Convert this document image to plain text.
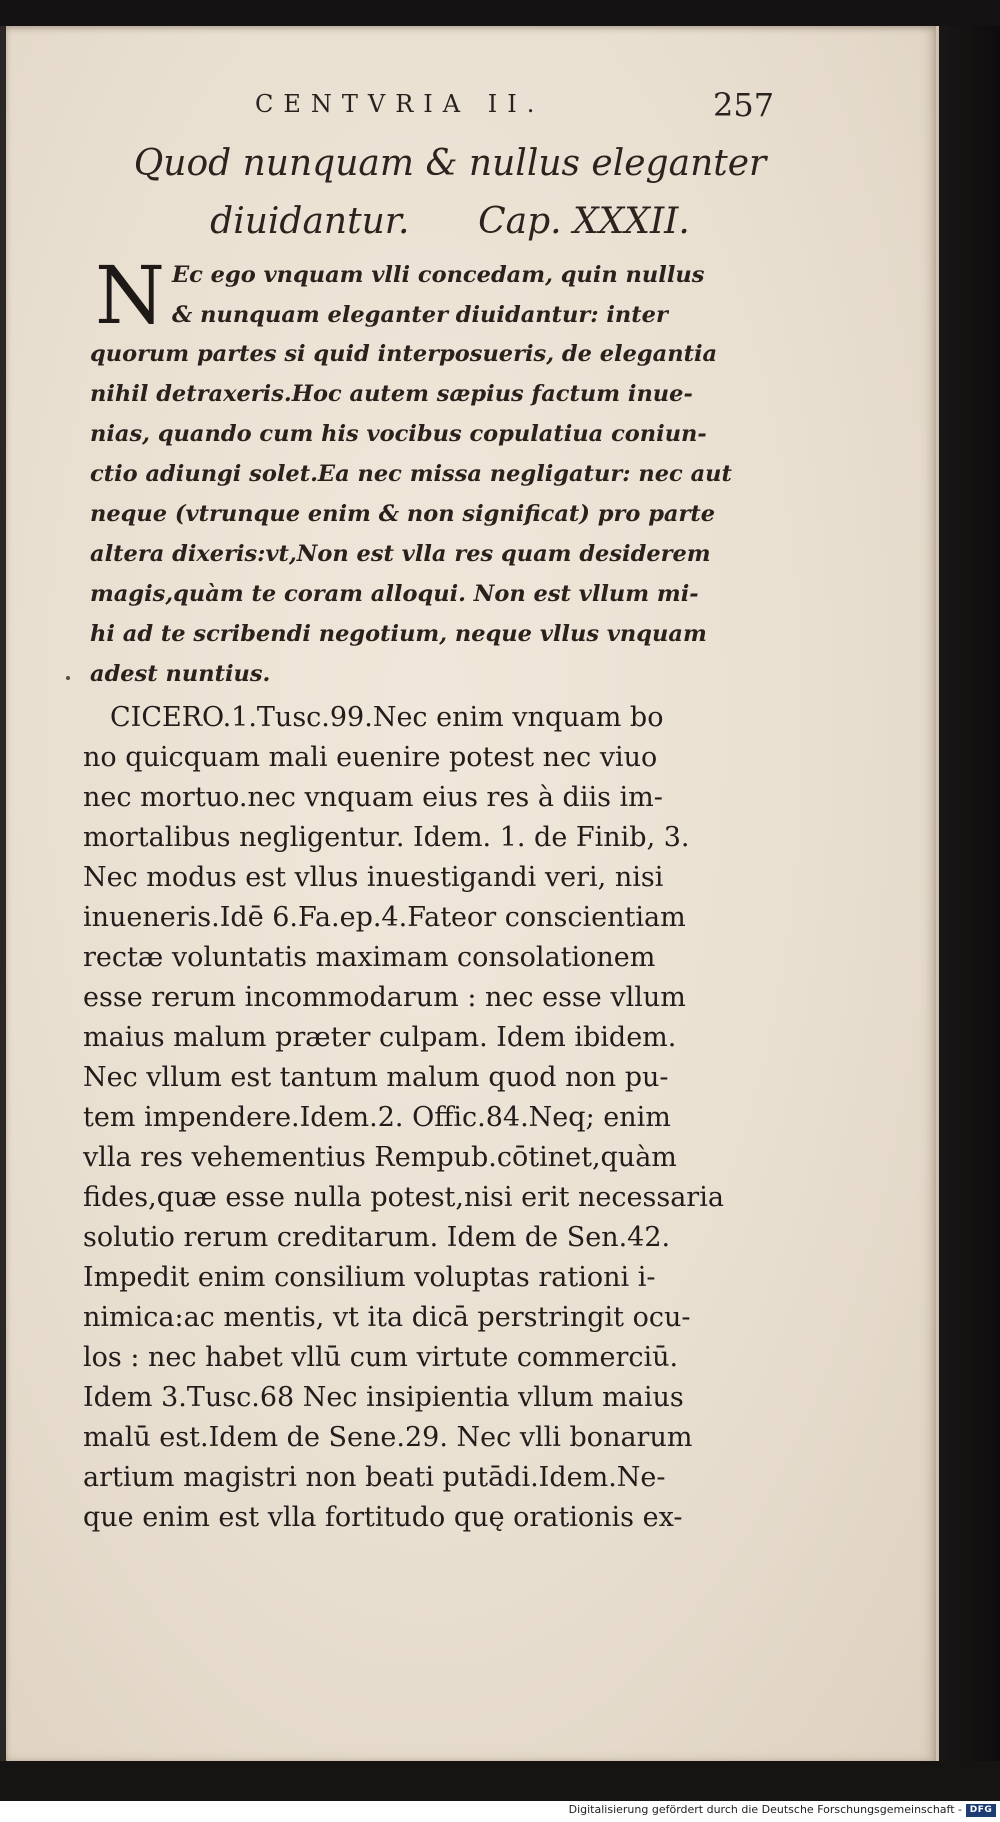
CENTVRIA II.	257
Quod nunquam & nullus eleganter
diuidantur.      Cap. XXXII.
N Ec ego vnquam vlli concedam, quin nullus
& nunquam eleganter diuidantur: inter
quorum partes si quid interposueris, de elegantia
nihil detraxeris.Hoc autem sæpius factum inue-
nias, quando cum his vocibus copulatiua coniun-
ctio adiungi solet.Ea nec missa negligatur: nec aut
neque (vtrunque enim & non significat) pro parte
altera dixeris:vt,Non est vlla res quam desiderem
magis,quàm te coram alloqui. Non est vllum mi-
hi ad te scribendi negotium, neque vllus vnquam
adest nuntius.
CICERO.1.Tusc.99.Nec enim vnquam bo
no quicquam mali euenire potest nec viuo
nec mortuo.nec vnquam eius res à diis im-
mortalibus negligentur. Idem. 1. de Finib, 3.
Nec modus est vllus inuestigandi veri, nisi
inueneris.Idē 6.Fa.ep.4.Fateor conscientiam
rectæ voluntatis maximam consolationem
esse rerum incommodarum : nec esse vllum
maius malum præter culpam. Idem ibidem.
Nec vllum est tantum malum quod non pu-
tem impendere.Idem.2. Offic.84.Neq; enim
vlla res vehementius Rempub.cōtinet,quàm
fides,quæ esse nulla potest,nisi erit necessaria
solutio rerum creditarum. Idem de Sen.42.
Impedit enim consilium voluptas rationi i-
nimica:ac mentis, vt ita dicā perstringit ocu-
los : nec habet vllū cum virtute commerciū.
Idem 3.Tusc.68 Nec insipientia vllum maius
malū est.Idem de Sene.29. Nec vlli bonarum
artium magistri non beati putādi.Idem.Ne-
que enim est vlla fortitudo quę orationis ex-
Digitalisierung gefördert durch die Deutsche Forschungsgemeinschaft - DFG
